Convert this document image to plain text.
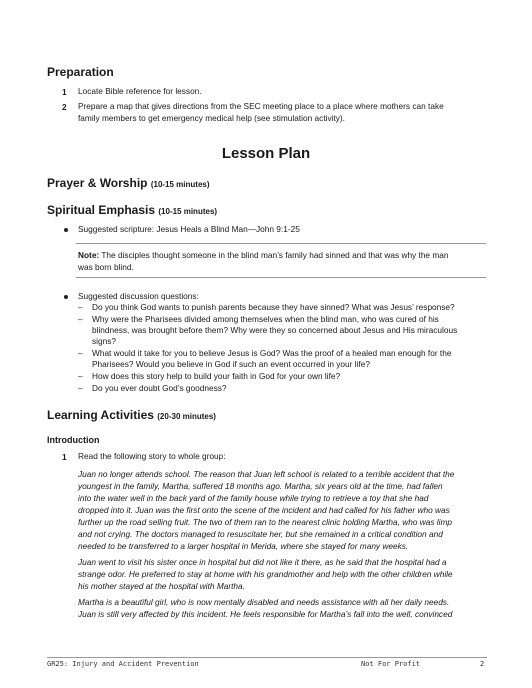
Preparation
1 Locate Bible reference for lesson.
2 Prepare a map that gives directions from the SEC meeting place to a place where mothers can take
family members to get emergency medical help (see stimulation activity).
Lesson Plan
Prayer & Worship (10-15 minutes)
Spiritual Emphasis (10-15 minutes)
Suggested scripture: Jesus Heals a Blind Man—John 9:1-25
Note: The disciples thought someone in the blind man’s family had sinned and that was why the man
was born blind.
Suggested discussion questions:
– Do you think God wants to punish parents because they have sinned? What was Jesus’ response?
– Why were the Pharisees divided among themselves when the blind man, who was cured of his
blindness, was brought before them? Why were they so concerned about Jesus and His miraculous
signs?
– What would it take for you to believe Jesus is God? Was the proof of a healed man enough for the
Pharisees? Would you believe in God if such an event occurred in your life?
– How does this story help to build your faith in God for your own life?
– Do you ever doubt God’s goodness?
Learning Activities (20-30 minutes)
Introduction
1 Read the following story to whole group:
Juan no longer attends school. The reason that Juan left school is related to a terrible accident that the
youngest in the family, Martha, suffered 18 months ago. Martha, six years old at the time, had fallen
into the water well in the back yard of the family house while trying to retrieve a toy that she had
dropped into it. Juan was the first onto the scene of the incident and had called for his father who was
further up the road selling fruit. The two of them ran to the nearest clinic holding Martha, who was limp
and not crying. The doctors managed to resuscitate her, but she remained in a critical condition and
needed to be transferred to a larger hospital in Merida, where she stayed for many weeks.
Juan went to visit his sister once in hospital but did not like it there, as he said that the hospital had a
strange odor. He preferred to stay at home with his grandmother and help with the other children while
his mother stayed at the hospital with Martha.
Martha is a beautiful girl, who is now mentally disabled and needs assistance with all her daily needs.
Juan is still very affected by this incident. He feels responsible for Martha’s fall into the well, convinced
GR25: Injury and Accident Prevention	Not For Profit	2
